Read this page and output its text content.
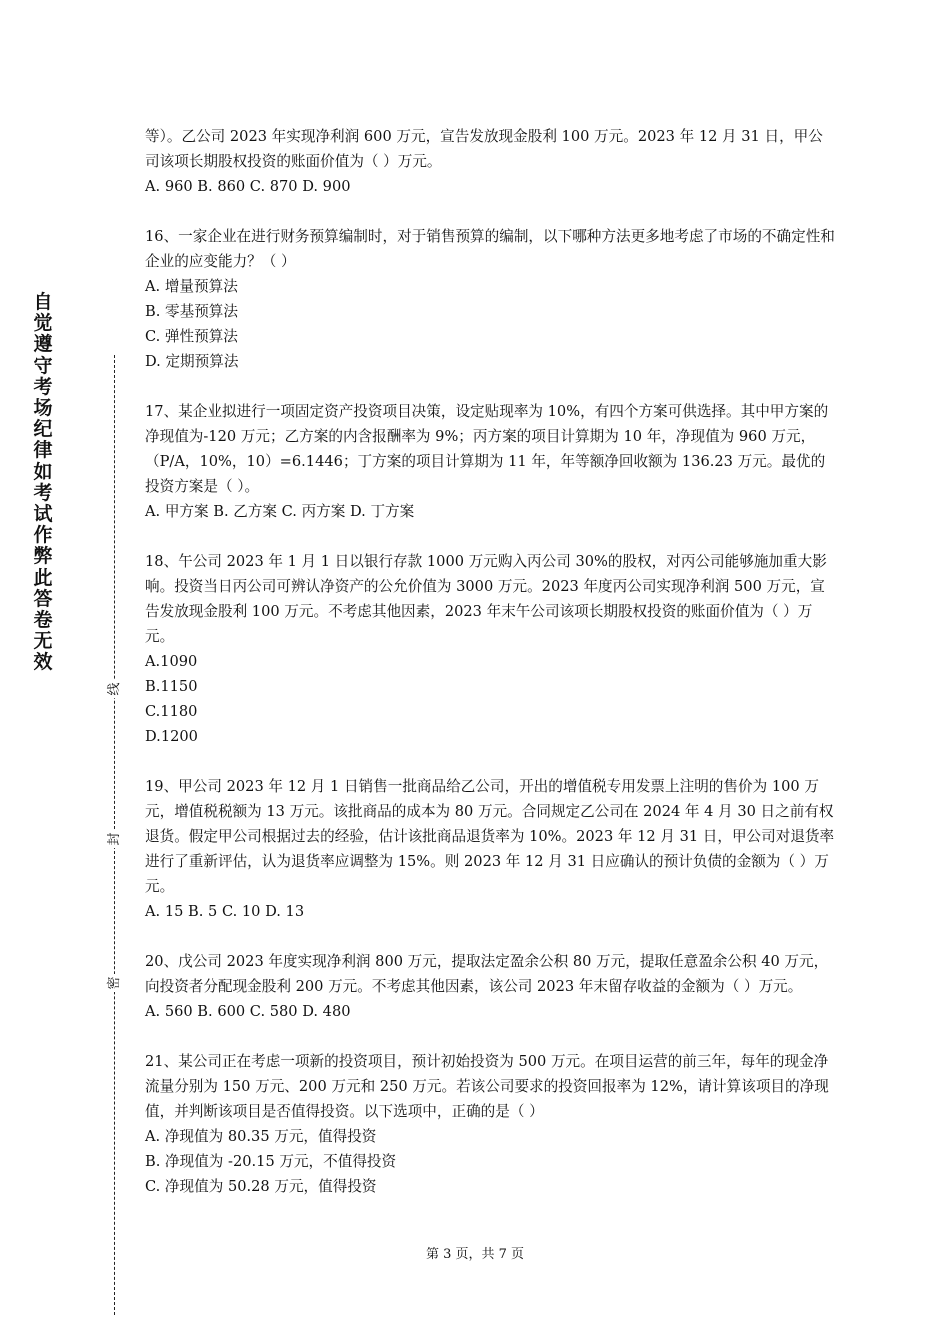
自觉遵守考场纪律如考试作弊此答卷无效
线
封
密

等）。乙公司 2023 年实现净利润 600 万元，宣告发放现金股利 100 万元。2023 年 12 月 31 日，甲公司该项长期股权投资的账面价值为（ ）万元。

A. 960 B. 860 C. 870 D. 900

16、一家企业在进行财务预算编制时，对于销售预算的编制，以下哪种方法更多地考虑了市场的不确定性和企业的应变能力？（ ）

A. 增量预算法

B. 零基预算法

C. 弹性预算法

D. 定期预算法

17、某企业拟进行一项固定资产投资项目决策，设定贴现率为 10%，有四个方案可供选择。其中甲方案的净现值为-120 万元；乙方案的内含报酬率为 9%；丙方案的项目计算期为 10 年，净现值为 960 万元，（P/A，10%，10）=6.1446；丁方案的项目计算期为 11 年，年等额净回收额为 136.23 万元。最优的投资方案是（ ）。

A. 甲方案 B. 乙方案 C. 丙方案 D. 丁方案

18、午公司 2023 年 1 月 1 日以银行存款 1000 万元购入丙公司 30%的股权，对丙公司能够施加重大影响。投资当日丙公司可辨认净资产的公允价值为 3000 万元。2023 年度丙公司实现净利润 500 万元，宣告发放现金股利 100 万元。不考虑其他因素，2023 年末午公司该项长期股权投资的账面价值为（ ）万元。

A.1090

B.1150

C.1180

D.1200

19、甲公司 2023 年 12 月 1 日销售一批商品给乙公司，开出的增值税专用发票上注明的售价为 100 万元，增值税税额为 13 万元。该批商品的成本为 80 万元。合同规定乙公司在 2024 年 4 月 30 日之前有权退货。假定甲公司根据过去的经验，估计该批商品退货率为 10%。2023 年 12 月 31 日，甲公司对退货率进行了重新评估，认为退货率应调整为 15%。则 2023 年 12 月 31 日应确认的预计负债的金额为（ ）万元。

A. 15 B. 5 C. 10 D. 13

20、戊公司 2023 年度实现净利润 800 万元，提取法定盈余公积 80 万元，提取任意盈余公积 40 万元，向投资者分配现金股利 200 万元。不考虑其他因素，该公司 2023 年末留存收益的金额为（ ）万元。

A. 560 B. 600 C. 580 D. 480

21、某公司正在考虑一项新的投资项目，预计初始投资为 500 万元。在项目运营的前三年，每年的现金净流量分别为 150 万元、200 万元和 250 万元。若该公司要求的投资回报率为 12%，请计算该项目的净现值，并判断该项目是否值得投资。以下选项中，正确的是（ ）

A. 净现值为 80.35 万元，值得投资

B. 净现值为 -20.15 万元，不值得投资

C. 净现值为 50.28 万元，值得投资

第 3 页，共 7 页
